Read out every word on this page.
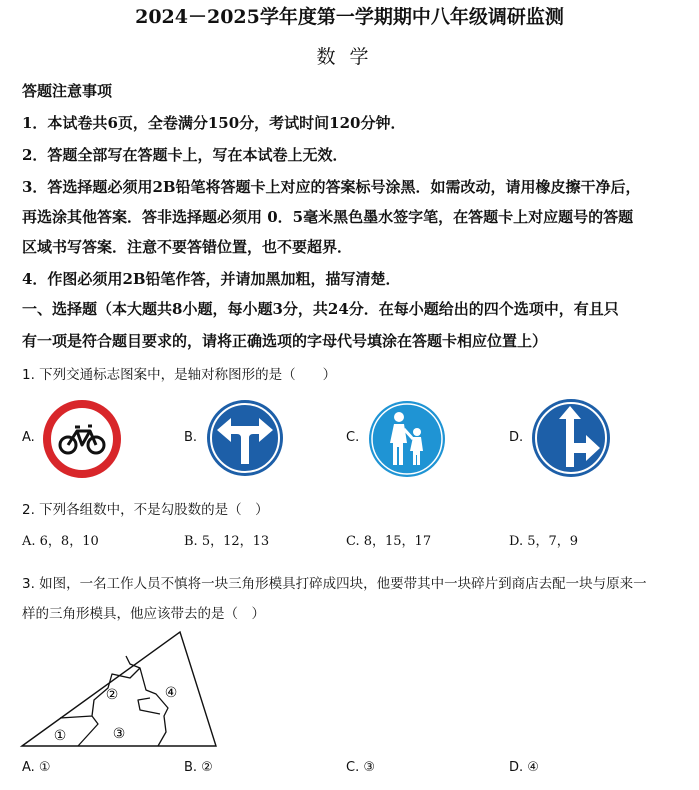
2024－2025学年度第一学期期中八年级调研监测
数学
答题注意事项
1．本试卷共6页，全卷满分150分，考试时间120分钟．
2．答题全部写在答题卡上，写在本试卷上无效．
3．答选择题必须用2B铅笔将答题卡上对应的答案标号涂黑．如需改动，请用橡皮擦干净后，
再选涂其他答案．答非选择题必须用 0．5毫米黑色墨水签字笔，在答题卡上对应题号的答题
区域书写答案．注意不要答错位置，也不要超界．
4．作图必须用2B铅笔作答，并请加黑加粗，描写清楚．
一、选择题（本大题共8小题，每小题3分，共24分．在每小题给出的四个选项中，有且只
有一项是符合题目要求的，请将正确选项的字母代号填涂在答题卡相应位置上）
1. 下列交通标志图案中，是轴对称图形的是（　　）
A.	B.	C.	D.
2. 下列各组数中，不是勾股数的是（　）
A. 6，8，10	B. 5，12，13	C. 8，15，17	D. 5，7，9
3. 如图，一名工作人员不慎将一块三角形模具打碎成四块，他要带其中一块碎片到商店去配一块与原来一
样的三角形模具，他应该带去的是（　）
①
②
③
④
A. ①	B. ②	C. ③	D. ④
